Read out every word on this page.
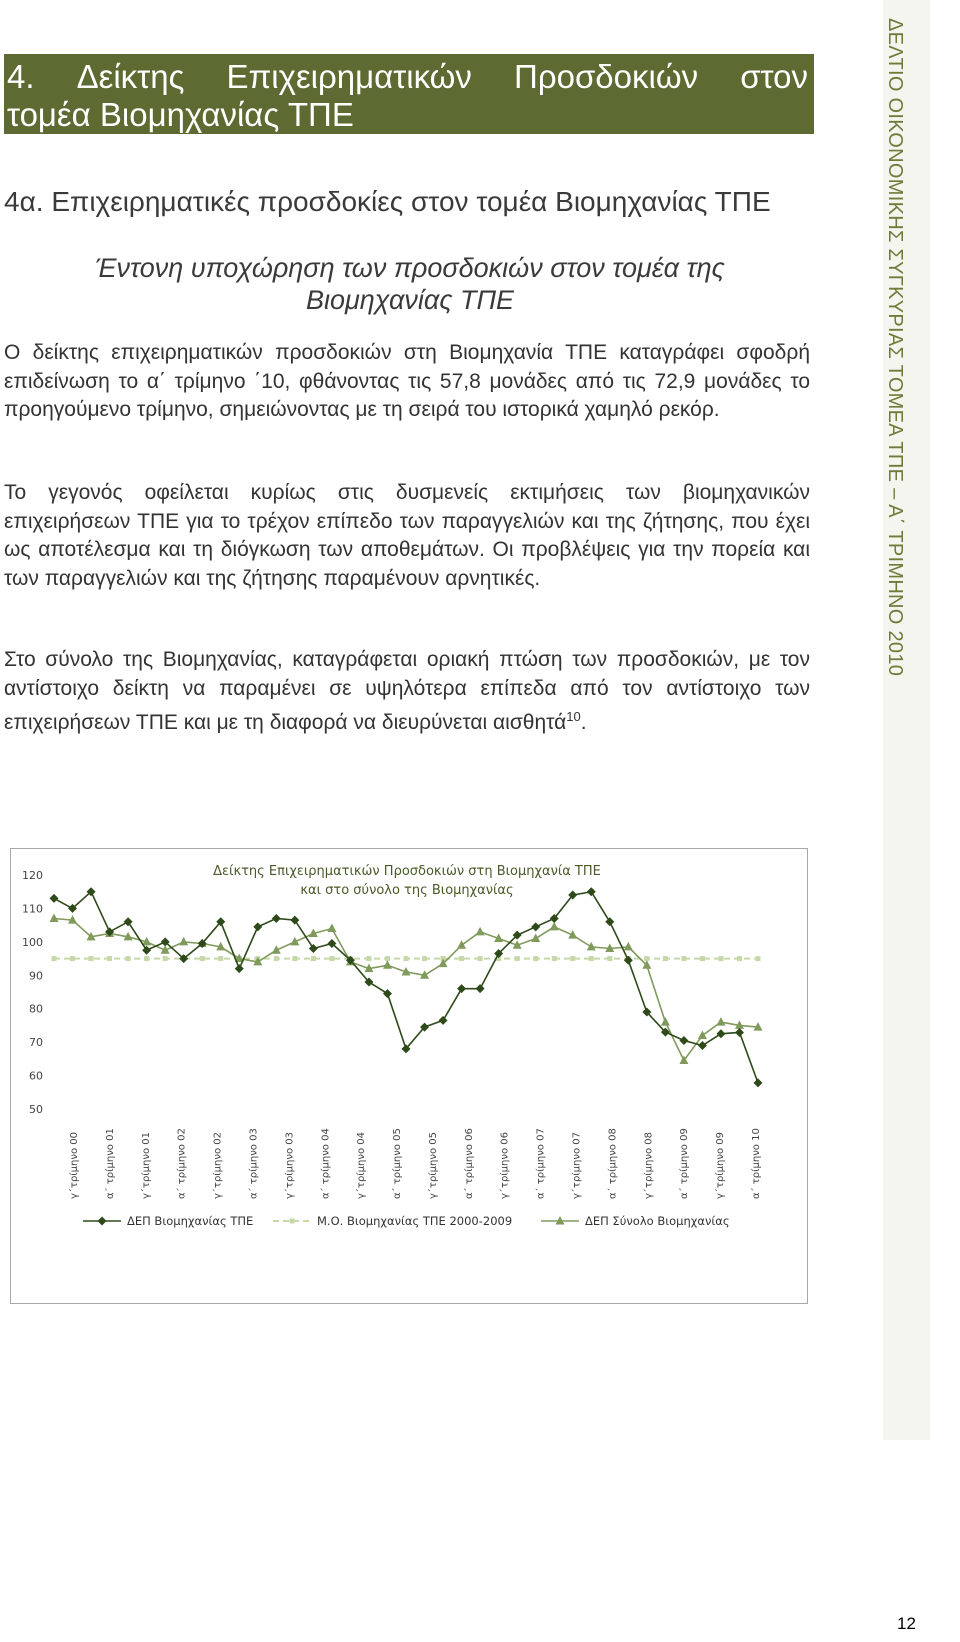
ΔΕΛΤΙΟ ΟΙΚΟΝΟΜΙΚΗΣ ΣΥΓΚΥΡΙΑΣ ΤΟΜΕΑ ΤΠΕ – Α΄ ΤΡΙΜΗΝΟ 2010
4. Δείκτης Επιχειρηματικών Προσδοκιών στον
τομέα Βιομηχανίας ΤΠΕ
4α. Επιχειρηματικές προσδοκίες στον τομέα Βιομηχανίας ΤΠΕ
Έντονη υποχώρηση των προσδοκιών στον τομέα της
Βιομηχανίας ΤΠΕ
Ο δείκτης επιχειρηματικών προσδοκιών στη Βιομηχανία ΤΠΕ καταγράφει σφοδρή επιδείνωση το α΄ τρίμηνο ΄10, φθάνοντας τις 57,8 μονάδες από τις 72,9 μονάδες το προηγούμενο τρίμηνο, σημειώνοντας με τη σειρά του ιστορικά χαμηλό ρεκόρ.
Το γεγονός οφείλεται κυρίως στις δυσμενείς εκτιμήσεις των βιομηχανικών επιχειρήσεων ΤΠΕ για το τρέχον επίπεδο των παραγγελιών και της ζήτησης, που έχει ως αποτέλεσμα και τη διόγκωση των αποθεμάτων. Οι προβλέψεις για την πορεία και των παραγγελιών και της ζήτησης παραμένουν αρνητικές.
Στο σύνολο της Βιομηχανίας, καταγράφεται οριακή πτώση των προσδοκιών, με τον αντίστοιχο δείκτη να παραμένει σε υψηλότερα επίπεδα από τον αντίστοιχο των επιχειρήσεων ΤΠΕ και με τη διαφορά να διευρύνεται αισθητά$^{10}$.
Δείκτης Επιχειρηματικών Προσδοκιών στη Βιομηχανία ΤΠΕ
και στο σύνολο της Βιομηχανίας
50
60
70
80
90
100
110
120
γ΄τρίμηνο 00 α΄ τρίμηνο 01 γ΄τρίμηνο 01 α΄ τρίμηνο 02 γ΄τρίμηνο 02 α΄ τρίμηνο 03 γ΄τρίμηνο 03 α΄ τρίμηνο 04 γ΄τρίμηνο 04 α΄ τρίμηνο 05 γ΄τρίμηνο 05 α΄ τρίμηνο 06 γ΄τρίμηνο 06 α΄ τρίμηνο 07 γ΄τρίμηνο 07 α΄ τρίμηνο 08 γ΄τρίμηνο 08 α΄ τρίμηνο 09 γ΄τρίμηνο 09 α΄ τρίμηνο 10
ΔΕΠ Βιομηχανίας ΤΠΕ	Μ.Ο. Βιομηχανίας ΤΠΕ 2000-2009	ΔΕΠ Σύνολο Βιομηχανίας
12
